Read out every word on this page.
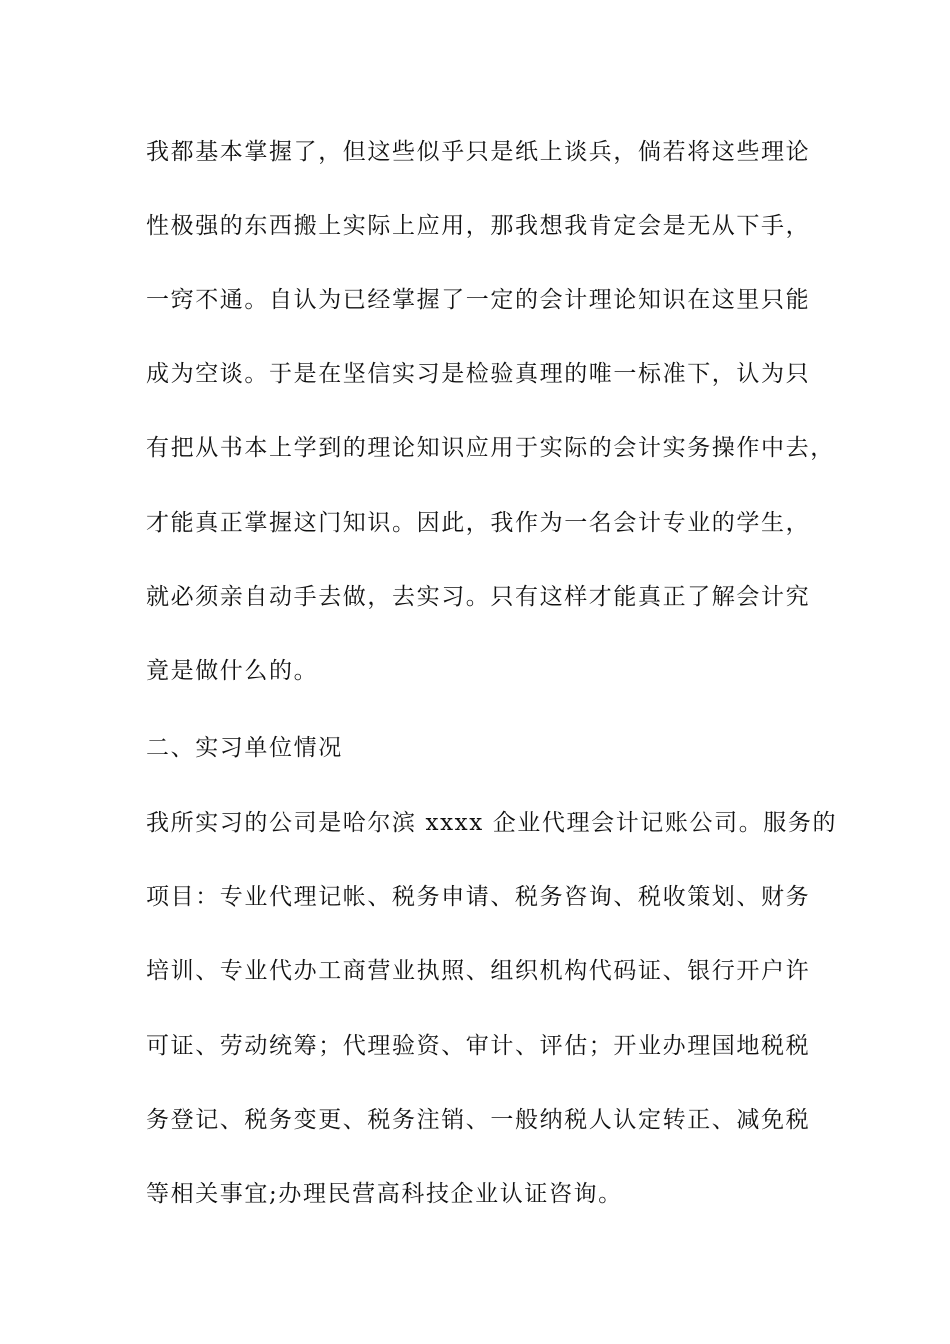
我都基本掌握了，但这些似乎只是纸上谈兵，倘若将这些理论

性极强的东西搬上实际上应用，那我想我肯定会是无从下手，

一窍不通。自认为已经掌握了一定的会计理论知识在这里只能

成为空谈。于是在坚信实习是检验真理的唯一标准下，认为只

有把从书本上学到的理论知识应用于实际的会计实务操作中去，

才能真正掌握这门知识。因此，我作为一名会计专业的学生，

就必须亲自动手去做，去实习。只有这样才能真正了解会计究

竟是做什么的。

二、实习单位情况

我所实习的公司是哈尔滨 xxxx 企业代理会计记账公司。服务的

项目：专业代理记帐、税务申请、税务咨询、税收策划、财务

培训、专业代办工商营业执照、组织机构代码证、银行开户许

可证、劳动统筹；代理验资、审计、评估；开业办理国地税税

务登记、税务变更、税务注销、一般纳税人认定转正、减免税

等相关事宜;办理民营高科技企业认证咨询。
